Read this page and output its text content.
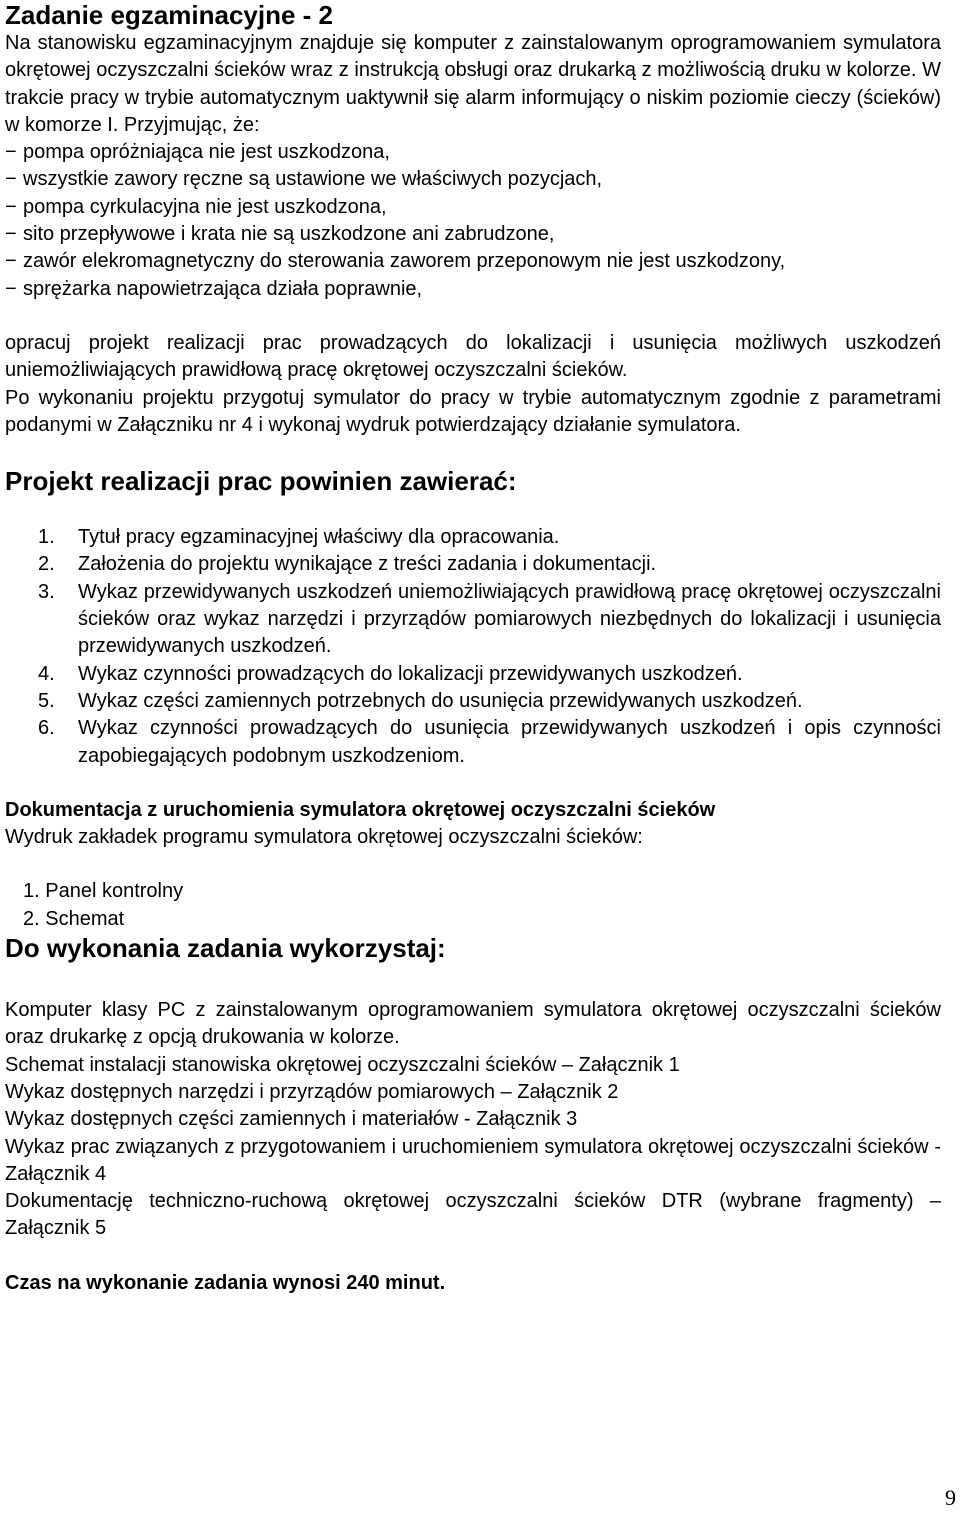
Zadanie egzaminacyjne - 2

Na stanowisku egzaminacyjnym znajduje się komputer z zainstalowanym oprogramowaniem symulatora okrętowej oczyszczalni ścieków wraz z instrukcją obsługi oraz drukarką z możliwością druku w kolorze. W trakcie pracy w trybie automatycznym uaktywnił się alarm informujący o niskim poziomie cieczy (ścieków) w komorze I. Przyjmując, że:

− pompa opróżniająca nie jest uszkodzona,
− wszystkie zawory ręczne są ustawione we właściwych pozycjach,
− pompa cyrkulacyjna nie jest uszkodzona,
− sito przepływowe i krata nie są uszkodzone ani zabrudzone,
− zawór elekromagnetyczny do sterowania zaworem przeponowym nie jest uszkodzony,
− sprężarka napowietrzająca działa poprawnie,

opracuj projekt realizacji prac prowadzących do lokalizacji i usunięcia możliwych uszkodzeń uniemożliwiających prawidłową pracę okrętowej oczyszczalni ścieków.

Po wykonaniu projektu przygotuj symulator do pracy w trybie automatycznym zgodnie z parametrami podanymi w Załączniku nr 4 i wykonaj wydruk potwierdzający działanie symulatora.

Projekt realizacji prac powinien zawierać:
1. Tytuł pracy egzaminacyjnej właściwy dla opracowania.
2. Założenia do projektu wynikające z treści zadania i dokumentacji.
3. Wykaz przewidywanych uszkodzeń uniemożliwiających prawidłową pracę okrętowej oczyszczalni ścieków oraz wykaz narzędzi i przyrządów pomiarowych niezbędnych do lokalizacji i usunięcia przewidywanych uszkodzeń.
4. Wykaz czynności prowadzących do lokalizacji przewidywanych uszkodzeń.
5. Wykaz części zamiennych potrzebnych do usunięcia przewidywanych uszkodzeń.
6. Wykaz czynności prowadzących do usunięcia przewidywanych uszkodzeń i opis czynności zapobiegających podobnym uszkodzeniom.

Dokumentacja z uruchomienia symulatora okrętowej oczyszczalni ścieków

Wydruk zakładek programu symulatora okrętowej oczyszczalni ścieków:

1. Panel kontrolny
2. Schemat
Do wykonania zadania wykorzystaj:

Komputer klasy PC z zainstalowanym oprogramowaniem symulatora okrętowej oczyszczalni ścieków oraz drukarkę z opcją drukowania w kolorze.

Schemat instalacji stanowiska okrętowej oczyszczalni ścieków – Załącznik 1

Wykaz dostępnych narzędzi i przyrządów pomiarowych – Załącznik 2

Wykaz dostępnych części zamiennych i materiałów - Załącznik 3

Wykaz prac związanych z przygotowaniem i uruchomieniem symulatora okrętowej oczyszczalni ścieków - Załącznik 4

Dokumentację techniczno-ruchową okrętowej oczyszczalni ścieków DTR (wybrane fragmenty) – Załącznik 5

Czas na wykonanie zadania wynosi 240 minut.

9
